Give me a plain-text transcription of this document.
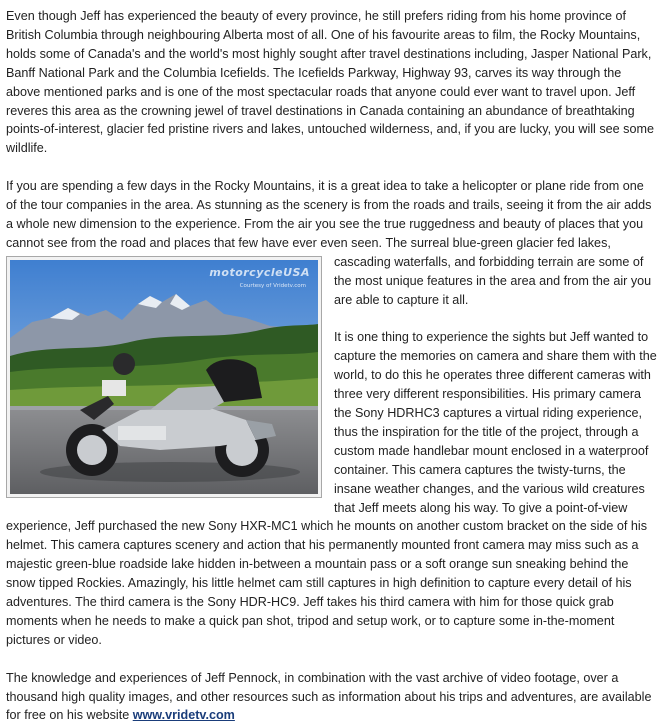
Even though Jeff has experienced the beauty of every province, he still prefers riding from his home province of British Columbia through neighbouring Alberta most of all. One of his favourite areas to film, the Rocky Mountains, holds some of Canada's and the world's most highly sought after travel destinations including, Jasper National Park, Banff National Park and the Columbia Icefields. The Icefields Parkway, Highway 93, carves its way through the above mentioned parks and is one of the most spectacular roads that anyone could ever want to travel upon. Jeff reveres this area as the crowning jewel of travel destinations in Canada containing an abundance of breathtaking points-of-interest, glacier fed pristine rivers and lakes, untouched wilderness, and, if you are lucky, you will see some wildlife.

If you are spending a few days in the Rocky Mountains, it is a great idea to take a helicopter or plane ride from one of the tour companies in the area. As stunning as the scenery is from the roads and trails, seeing it from the air adds a whole new dimension to the experience. From the air you see the true ruggedness and beauty of places that you cannot see from the road and places that few have ever even seen.
motorcycleUSA
Courtesy of Vridetv.com
The surreal blue-green glacier fed lakes, cascading waterfalls, and forbidding terrain are some of the most unique features in the area and from the air you are able to capture it all.

It is one thing to experience the sights but Jeff wanted to capture the memories on camera and share them with the world, to do this he operates three different cameras with three very different responsibilities. His primary camera the Sony HDRHC3 captures a virtual riding experience, thus the inspiration for the title of the project, through a custom made handlebar mount enclosed in a waterproof container. This camera captures the twisty-turns, the insane weather changes, and the various wild creatures that Jeff meets along his way. To give a point-of-view experience, Jeff purchased the new Sony HXR-MC1 which he mounts on another custom bracket on the side of his helmet. This camera captures scenery and action that his permanently mounted front camera may miss such as a majestic green-blue roadside lake hidden in-between a mountain pass or a soft orange sun sneaking behind the snow tipped Rockies. Amazingly, his little helmet cam still captures in high definition to capture every detail of his adventures. The third camera is the Sony HDR-HC9. Jeff takes his third camera with him for those quick grab moments when he needs to make a quick pan shot, tripod and setup work, or to capture some in-the-moment pictures or video.

The knowledge and experiences of Jeff Pennock, in combination with the vast archive of video footage, over a thousand high quality images, and other resources such as information about his trips and adventures, are available for free on his website www.vridetv.com
